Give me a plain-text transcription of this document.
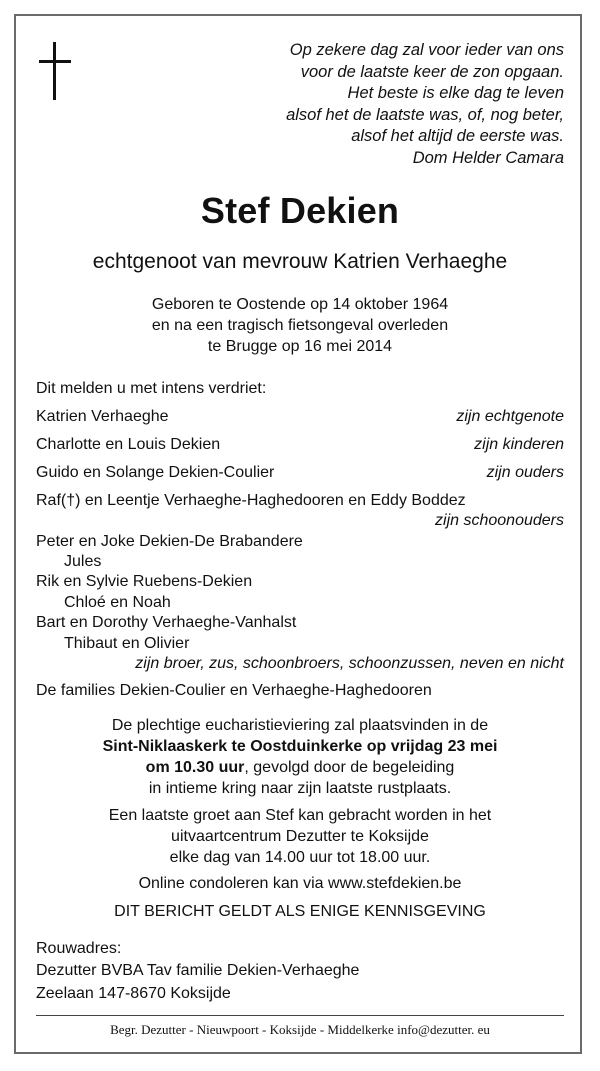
Op zekere dag zal voor ieder van ons
voor de laatste keer de zon opgaan.
Het beste is elke dag te leven
alsof het de laatste was, of, nog beter,
alsof het altijd de eerste was.
Dom Helder Camara
Stef Dekien
echtgenoot van mevrouw Katrien Verhaeghe
Geboren te Oostende op 14 oktober 1964
en na een tragisch fietsongeval overleden
te Brugge op 16 mei 2014
Dit melden u met intens verdriet:
Katrien Verhaeghe	zijn echtgenote
Charlotte en Louis Dekien	zijn kinderen
Guido en Solange Dekien-Coulier	zijn ouders
Raf(†) en Leentje Verhaeghe-Haghedooren en Eddy Boddez
zijn schoonouders
Peter en Joke Dekien-De Brabandere
Jules
Rik en Sylvie Ruebens-Dekien
Chloé en Noah
Bart en Dorothy Verhaeghe-Vanhalst
Thibaut en Olivier
zijn broer, zus, schoonbroers, schoonzussen, neven en nicht
De families Dekien-Coulier en Verhaeghe-Haghedooren
De plechtige eucharistieviering zal plaatsvinden in de
Sint-Niklaaskerk te Oostduinkerke op vrijdag 23 mei
om 10.30 uur, gevolgd door de begeleiding
in intieme kring naar zijn laatste rustplaats.
Een laatste groet aan Stef kan gebracht worden in het
uitvaartcentrum Dezutter te Koksijde
elke dag van 14.00 uur tot 18.00 uur.
Online condoleren kan via www.stefdekien.be
DIT BERICHT GELDT ALS ENIGE KENNISGEVING
Rouwadres:
Dezutter BVBA Tav familie Dekien-Verhaeghe
Zeelaan 147-8670 Koksijde
Begr. Dezutter - Nieuwpoort - Koksijde - Middelkerke info@dezutter. eu
